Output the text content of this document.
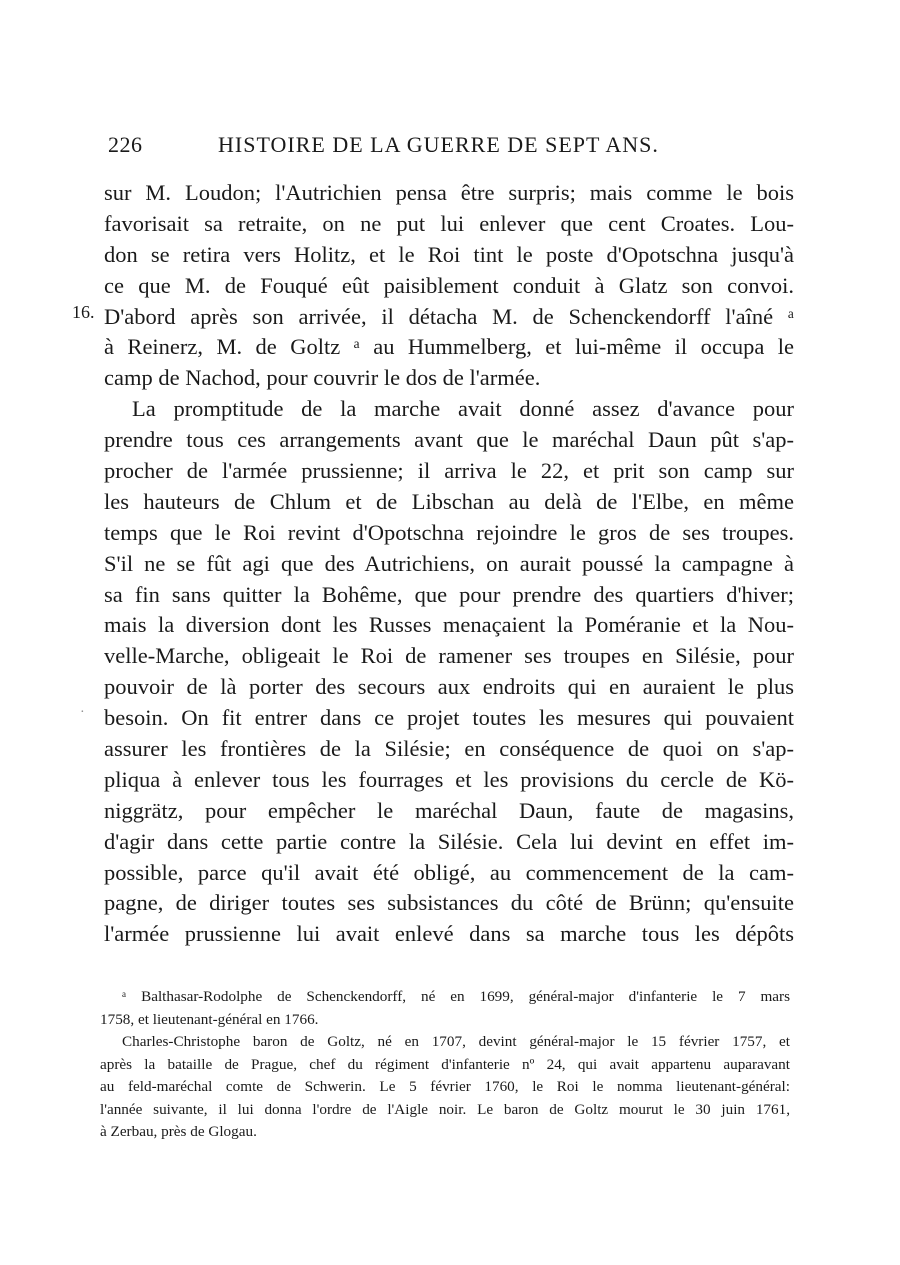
226	HISTOIRE DE LA GUERRE DE SEPT ANS.
16.
·
sur M. Loudon; l'Autrichien pensa être surpris; mais comme le bois
favorisait sa retraite, on ne put lui enlever que cent Croates. Lou-
don se retira vers Holitz, et le Roi tint le poste d'Opotschna jusqu'à
ce que M. de Fouqué eût paisiblement conduit à Glatz son convoi.
D'abord après son arrivée, il détacha M. de Schenckendorff l'aîné ᵃ
à Reinerz, M. de Goltz ᵃ au Hummelberg, et lui-même il occupa le
camp de Nachod, pour couvrir le dos de l'armée.
La promptitude de la marche avait donné assez d'avance pour
prendre tous ces arrangements avant que le maréchal Daun pût s'ap-
procher de l'armée prussienne; il arriva le 22, et prit son camp sur
les hauteurs de Chlum et de Libschan au delà de l'Elbe, en même
temps que le Roi revint d'Opotschna rejoindre le gros de ses troupes.
S'il ne se fût agi que des Autrichiens, on aurait poussé la campagne à
sa fin sans quitter la Bohême, que pour prendre des quartiers d'hiver;
mais la diversion dont les Russes menaçaient la Poméranie et la Nou-
velle-Marche, obligeait le Roi de ramener ses troupes en Silésie, pour
pouvoir de là porter des secours aux endroits qui en auraient le plus
besoin. On fit entrer dans ce projet toutes les mesures qui pouvaient
assurer les frontières de la Silésie; en conséquence de quoi on s'ap-
pliqua à enlever tous les fourrages et les provisions du cercle de Kö-
niggrätz, pour empêcher le maréchal Daun, faute de magasins,
d'agir dans cette partie contre la Silésie. Cela lui devint en effet im-
possible, parce qu'il avait été obligé, au commencement de la cam-
pagne, de diriger toutes ses subsistances du côté de Brünn; qu'ensuite
l'armée prussienne lui avait enlevé dans sa marche tous les dépôts
ᵃ Balthasar-Rodolphe de Schenckendorff, né en 1699, général-major d'infanterie le 7 mars
1758, et lieutenant-général en 1766.
Charles-Christophe baron de Goltz, né en 1707, devint général-major le 15 février 1757, et
après la bataille de Prague, chef du régiment d'infanterie nº 24, qui avait appartenu auparavant
au feld-maréchal comte de Schwerin. Le 5 février 1760, le Roi le nomma lieutenant-général:
l'année suivante, il lui donna l'ordre de l'Aigle noir. Le baron de Goltz mourut le 30 juin 1761,
à Zerbau, près de Glogau.
